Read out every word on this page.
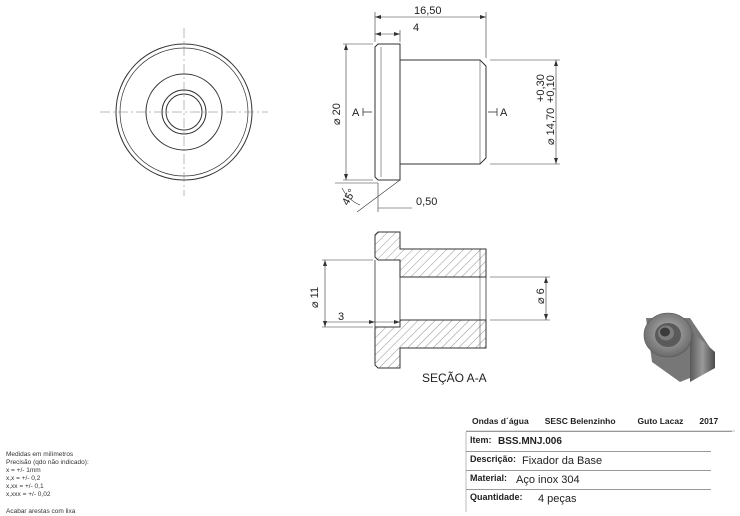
A	A
16,50
4
⌀ 20	⌀ 14,70
+0,30
+0,10
45°	0,50
⌀ 11
3
⌀ 6
SEÇÃO A-A
Medidas em milímetros
Precisão (qdo não indicado):
x = +/- 1mm
x,x = +/- 0,2
x,xx = +/- 0,1
x,xxx = +/- 0,02
Acabar arestas com lixa
Ondas d´água SESC Belenzinho	Guto Lacaz 2017
Item: BSS.MNJ.006
Descrição: Fixador da Base
Material: Aço inox 304
Quantidade: 4 peças
